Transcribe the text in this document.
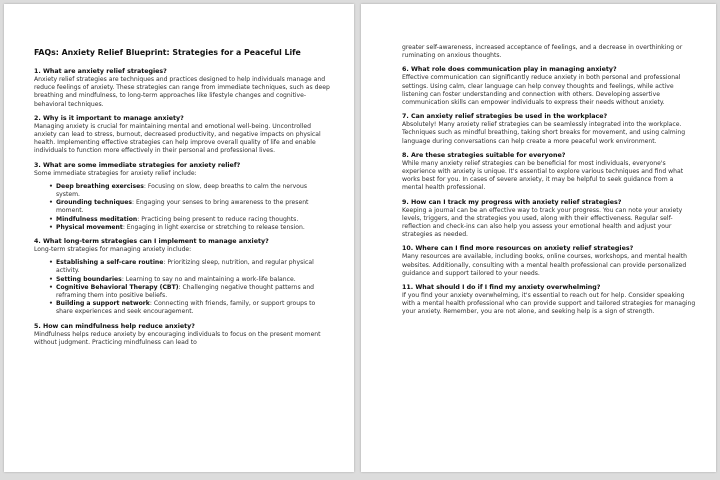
FAQs: Anxiety Relief Blueprint: Strategies for a Peaceful Life

1. What are anxiety relief strategies?

Anxiety relief strategies are techniques and practices designed to help individuals manage and reduce feelings of anxiety. These strategies can range from immediate techniques, such as deep breathing and mindfulness, to long-term approaches like lifestyle changes and cognitive-behavioral techniques.

2. Why is it important to manage anxiety?

Managing anxiety is crucial for maintaining mental and emotional well-being. Uncontrolled anxiety can lead to stress, burnout, decreased productivity, and negative impacts on physical health. Implementing effective strategies can help improve overall quality of life and enable individuals to function more effectively in their personal and professional lives.

3. What are some immediate strategies for anxiety relief?

Some immediate strategies for anxiety relief include:

• Deep breathing exercises: Focusing on slow, deep breaths to calm the nervous system.
• Grounding techniques: Engaging your senses to bring awareness to the present moment.
• Mindfulness meditation: Practicing being present to reduce racing thoughts.
• Physical movement: Engaging in light exercise or stretching to release tension.

4. What long-term strategies can I implement to manage anxiety?

Long-term strategies for managing anxiety include:

• Establishing a self-care routine: Prioritizing sleep, nutrition, and regular physical activity.
• Setting boundaries: Learning to say no and maintaining a work-life balance.
• Cognitive Behavioral Therapy (CBT): Challenging negative thought patterns and reframing them into positive beliefs.
• Building a support network: Connecting with friends, family, or support groups to share experiences and seek encouragement.

5. How can mindfulness help reduce anxiety?

Mindfulness helps reduce anxiety by encouraging individuals to focus on the present moment without judgment. Practicing mindfulness can lead to

greater self-awareness, increased acceptance of feelings, and a decrease in overthinking or ruminating on anxious thoughts.

6. What role does communication play in managing anxiety?

Effective communication can significantly reduce anxiety in both personal and professional settings. Using calm, clear language can help convey thoughts and feelings, while active listening can foster understanding and connection with others. Developing assertive communication skills can empower individuals to express their needs without anxiety.

7. Can anxiety relief strategies be used in the workplace?

Absolutely! Many anxiety relief strategies can be seamlessly integrated into the workplace. Techniques such as mindful breathing, taking short breaks for movement, and using calming language during conversations can help create a more peaceful work environment.

8. Are these strategies suitable for everyone?

While many anxiety relief strategies can be beneficial for most individuals, everyone's experience with anxiety is unique. It's essential to explore various techniques and find what works best for you. In cases of severe anxiety, it may be helpful to seek guidance from a mental health professional.

9. How can I track my progress with anxiety relief strategies?

Keeping a journal can be an effective way to track your progress. You can note your anxiety levels, triggers, and the strategies you used, along with their effectiveness. Regular self-reflection and check-ins can also help you assess your emotional health and adjust your strategies as needed.

10. Where can I find more resources on anxiety relief strategies?

Many resources are available, including books, online courses, workshops, and mental health websites. Additionally, consulting with a mental health professional can provide personalized guidance and support tailored to your needs.

11. What should I do if I find my anxiety overwhelming?

If you find your anxiety overwhelming, it's essential to reach out for help. Consider speaking with a mental health professional who can provide support and tailored strategies for managing your anxiety. Remember, you are not alone, and seeking help is a sign of strength.
